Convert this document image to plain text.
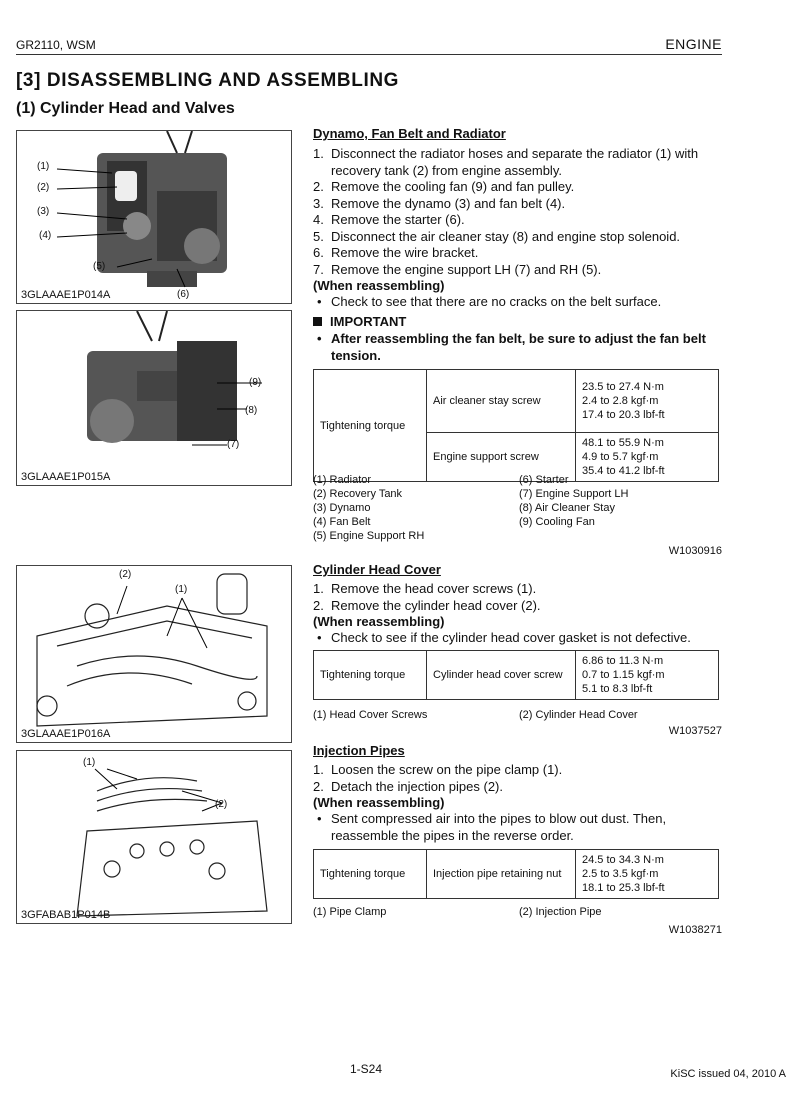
GR2110, WSM	ENGINE
[3] DISASSEMBLING AND ASSEMBLING
(1) Cylinder Head and Valves
(1)
(2)
(3)
(4)
(5)
(6)
3GLAAAE1P014A
(9)
(8)
(7)
3GLAAAE1P015A
(2)
(1)
3GLAAAE1P016A
(1)
(2)
3GFABAB1P014B
Dynamo, Fan Belt and Radiator
1. Disconnect the radiator hoses and separate the radiator (1) with recovery tank (2) from engine assembly.
2. Remove the cooling fan (9) and fan pulley.
3. Remove the dynamo (3) and fan belt (4).
4. Remove the starter (6).
5. Disconnect the air cleaner stay (8) and engine stop solenoid.
6. Remove the wire bracket.
7. Remove the engine support LH (7) and RH (5).
(When reassembling)
• Check to see that there are no cracks on the belt surface.
IMPORTANT
• After reassembling the fan belt, be sure to adjust the fan belt tension.
Tightening torque	Air cleaner stay screw	23.5 to 27.4 N·m
2.4 to 2.8 kgf·m
17.4 to 20.3 lbf-ft

	Engine support screw	48.1 to 55.9 N·m
4.9 to 5.7 kgf·m
35.4 to 41.2 lbf-ft
(1) Radiator
(2) Recovery Tank
(3) Dynamo
(4) Fan Belt
(5) Engine Support RH
(6) Starter
(7) Engine Support LH
(8) Air Cleaner Stay
(9) Cooling Fan
W1030916
Cylinder Head Cover
1. Remove the head cover screws (1).
2. Remove the cylinder head cover (2).
(When reassembling)
• Check to see if the cylinder head cover gasket is not defective.
Tightening torque	Cylinder head cover screw	
6.86 to 11.3 N·m
0.7 to 1.15 kgf·m
5.1 to 8.3 lbf-ft
(1) Head Cover Screws	(2) Cylinder Head Cover
W1037527
Injection Pipes
1. Loosen the screw on the pipe clamp (1).
2. Detach the injection pipes (2).
(When reassembling)
• Sent compressed air into the pipes to blow out dust. Then, reassemble the pipes in the reverse order.
Tightening torque	Injection pipe retaining nut	
24.5 to 34.3 N·m
2.5 to 3.5 kgf·m
18.1 to 25.3 lbf-ft
(1) Pipe Clamp	(2) Injection Pipe
W1038271
1-S24	KiSC issued 04, 2010 A
